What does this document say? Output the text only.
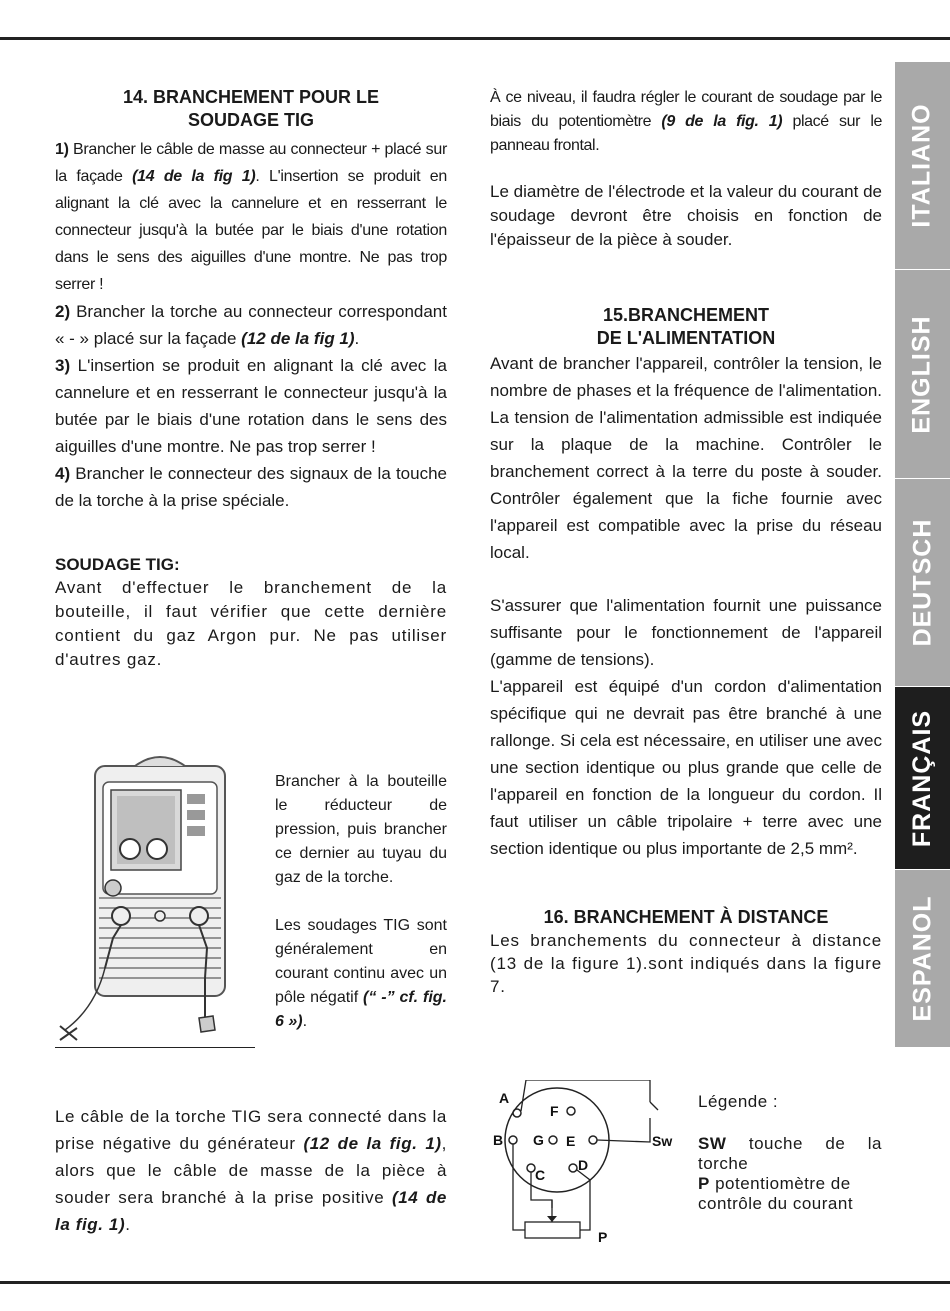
ITALIANO
ENGLISH
DEUTSCH
FRANÇAIS
ESPANOL

14. BRANCHEMENT POUR LE
SOUDAGE TIG

1) Brancher le câble de masse au connecteur + placé sur la façade (14 de la fig 1). L'insertion se produit en alignant la clé avec la cannelure et en resserrant le connecteur jusqu'à la butée par le biais d'une rotation dans le sens des aiguilles d'une montre. Ne pas trop serrer !

2) Brancher la torche au connecteur correspondant « - » placé sur la façade (12 de la fig 1).

3) L'insertion se produit en alignant la clé avec la cannelure et en resserrant le connecteur jusqu'à la butée par le biais d'une rotation dans le sens des aiguilles d'une montre. Ne pas trop serrer !

4) Brancher le connecteur des signaux de la touche de la torche à la prise spéciale.

SOUDAGE TIG:

Avant d'effectuer le branchement de la bouteille, il faut vérifier que cette dernière contient du gaz Argon pur. Ne pas utiliser d'autres gaz.

Brancher à la bouteille le réducteur de pression, puis brancher ce dernier au tuyau du gaz de la torche.

Les soudages TIG sont généralement en courant continu avec un pôle négatif (“ -” cf. fig. 6 »).

Le câble de la torche TIG sera connecté dans la prise négative du générateur (12 de la fig. 1), alors que le câble de masse de la pièce à souder sera branché à la prise positive (14 de la fig. 1).

À ce niveau, il faudra régler le courant de soudage par le biais du potentiomètre (9 de la fig. 1) placé sur le panneau frontal.

Le diamètre de l'électrode et la valeur du courant de soudage devront être choisis en fonction de l'épaisseur de la pièce à souder.

15.BRANCHEMENT
DE L'ALIMENTATION

Avant de brancher l'appareil, contrôler la tension, le nombre de phases et la fréquence de l'alimentation. La tension de l'alimentation admissible est indiquée sur la plaque de la machine. Contrôler le branchement correct à la terre du poste à souder. Contrôler également que la fiche fournie avec l'appareil est compatible avec la prise du réseau local.

S'assurer que l'alimentation fournit une puissance suffisante pour le fonctionnement de l'appareil (gamme de tensions).

L'appareil est équipé d'un cordon d'alimentation spécifique qui ne devrait pas être branché à une rallonge. Si cela est nécessaire, en utiliser une avec une section identique ou plus grande que celle de l'appareil en fonction de la longueur du cordon. Il faut utiliser un câble tripolaire + terre avec une section identique ou plus importante de 2,5 mm².

16. BRANCHEMENT À DISTANCE

Les branchements du connecteur à distance (13 de la figure 1).sont indiqués dans la figure 7.

A
F
B G E
C
D
Sw
P

Légende :

SW touche de la torche

P potentiomètre de contrôle du courant
